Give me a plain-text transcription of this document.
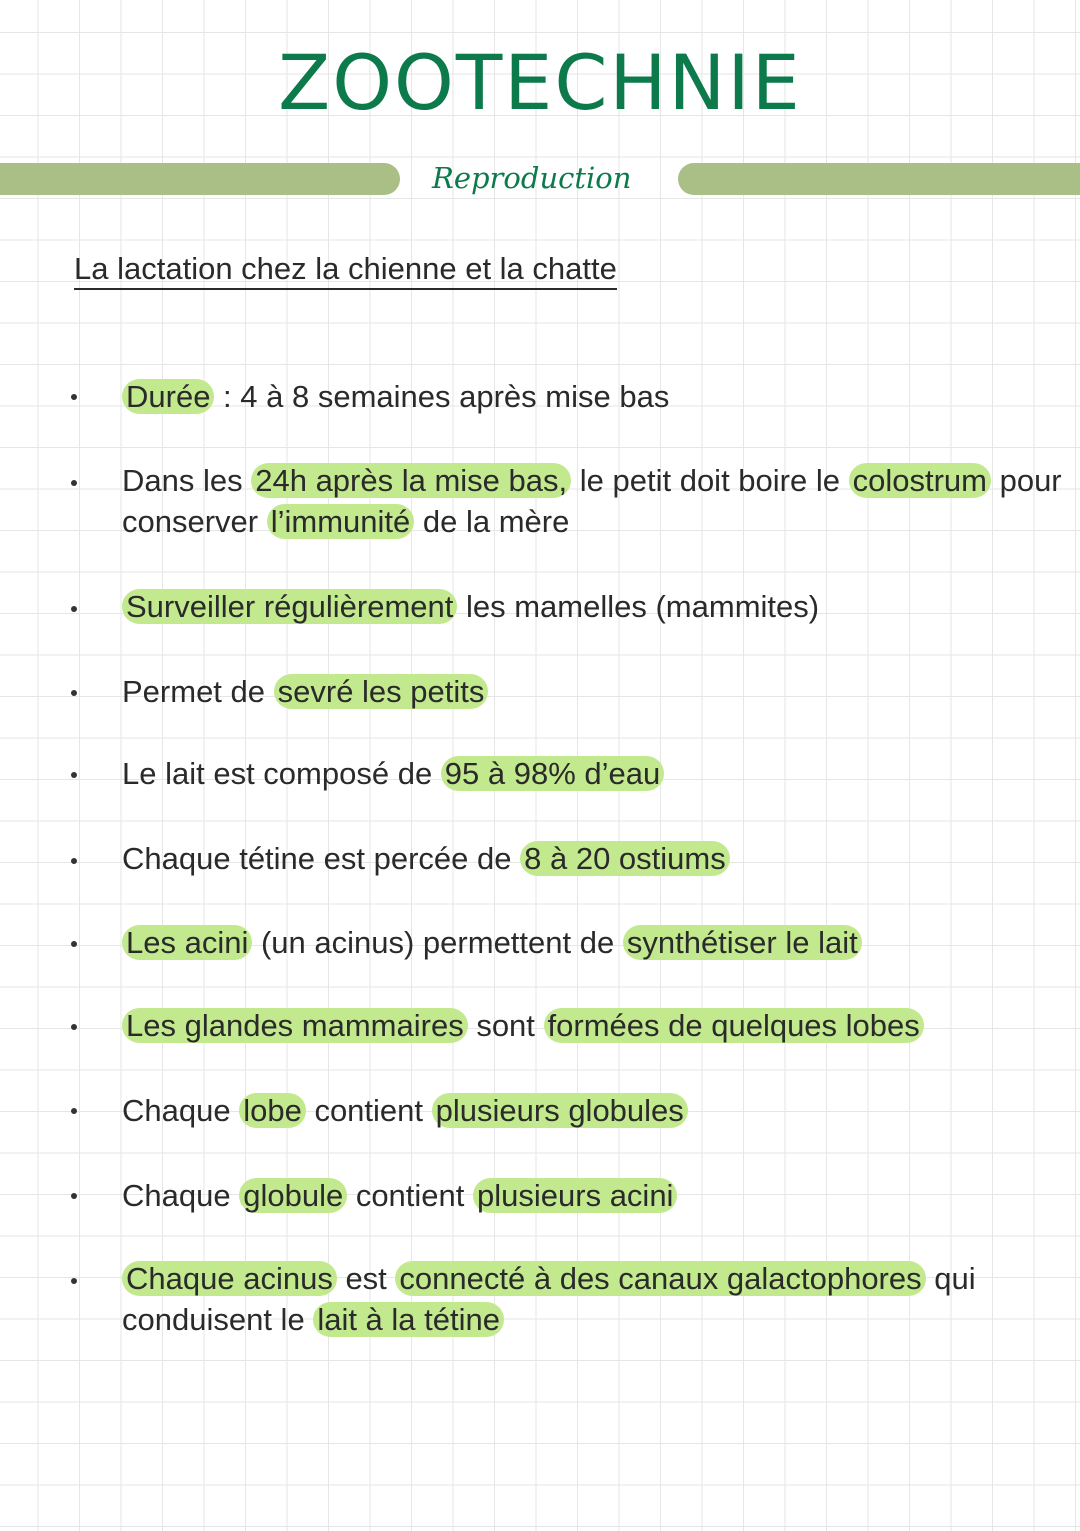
ZOOTECHNIE
Reproduction
La lactation chez la chienne et la chatte
Durée : 4 à 8 semaines après mise bas
Dans les 24h après la mise bas, le petit doit boire le colostrum pour conserver l’immunité de la mère
Surveiller régulièrement les mamelles (mammites)
Permet de sevré les petits
Le lait est composé de 95 à 98% d’eau
Chaque tétine est percée de 8 à 20 ostiums
Les acini (un acinus) permettent de synthétiser le lait
Les glandes mammaires sont formées de quelques lobes
Chaque lobe contient plusieurs globules
Chaque globule contient plusieurs acini
Chaque acinus est connecté à des canaux galactophores qui conduisent le lait à la tétine
